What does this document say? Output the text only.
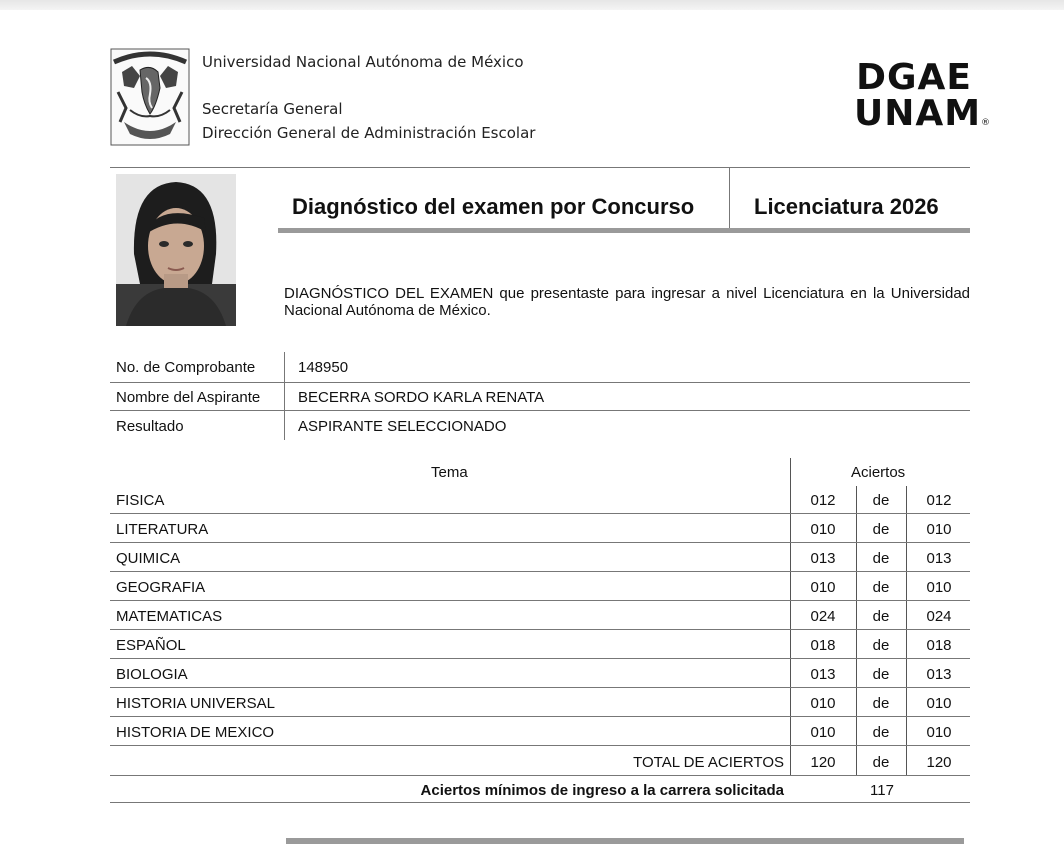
Universidad Nacional Autónoma de México
Secretaría General
Dirección General de Administración Escolar
DGAE
UNAM®
Diagnóstico del examen por Concurso	Licenciatura 2026
DIAGNÓSTICO DEL EXAMEN que presentaste para ingresar a nivel Licenciatura en la Universidad Nacional Autónoma de México.
No. de Comprobante	148950
Nombre del Aspirante	BECERRA SORDO KARLA RENATA
Resultado	ASPIRANTE SELECCIONADO
Tema	Aciertos
FISICA	012	de	012
LITERATURA	010	de	010
QUIMICA	013	de	013
GEOGRAFIA	010	de	010
MATEMATICAS	024	de	024
ESPAÑOL	018	de	018
BIOLOGIA	013	de	013
HISTORIA UNIVERSAL	010	de	010
HISTORIA DE MEXICO	010	de	010
TOTAL DE ACIERTOS	120	de	120
Aciertos mínimos de ingreso a la carrera solicitada	117
